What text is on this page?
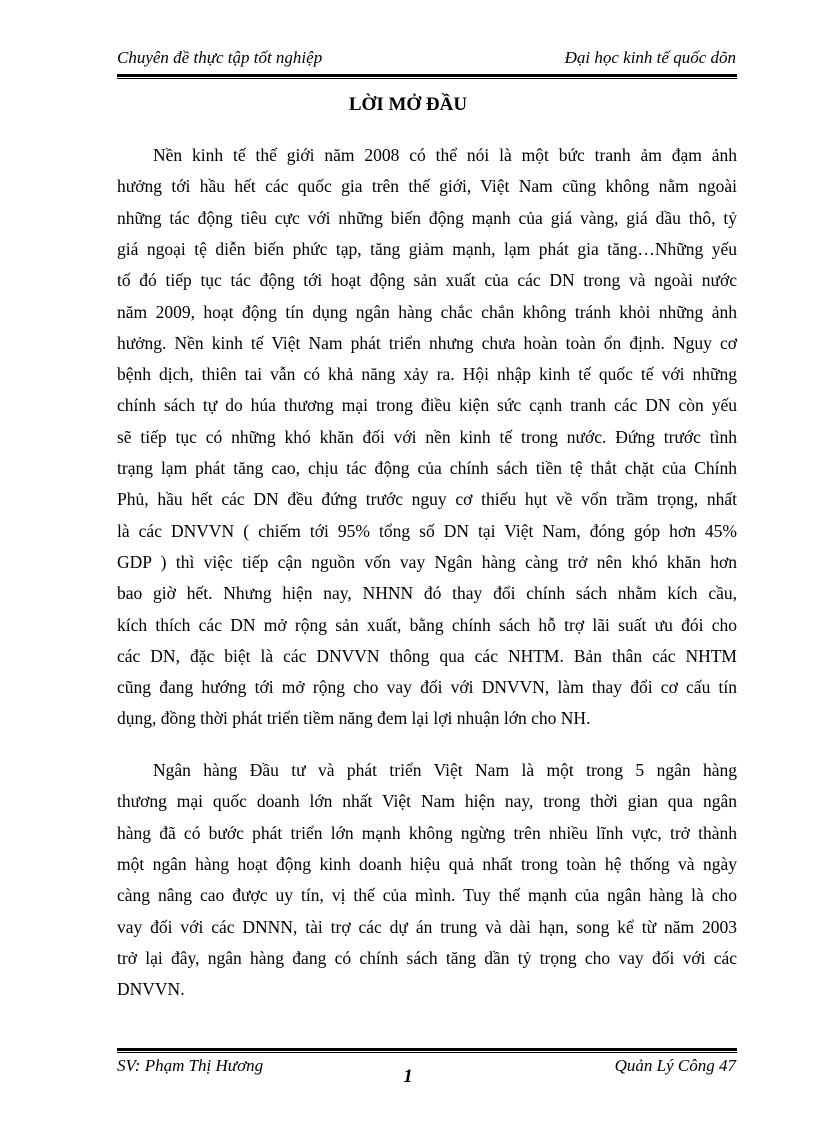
Chuyên đề thực tập tốt nghiệp	Đại học kinh tế quốc dõn
LỜI MỞ ĐẦU
Nền kinh tế thế giới năm 2008 có thể nói là một bức tranh ảm đạm ảnh
hưởng tới hầu hết các quốc gia trên thế giới, Việt Nam cũng không nằm ngoài
những tác động tiêu cực với những biến động mạnh của giá vàng, giá dầu thô, tỷ
giá ngoại tệ diễn biến phức tạp, tăng giảm mạnh, lạm phát gia tăng…Những yếu
tố đó tiếp tục tác động tới hoạt động sản xuất của các DN trong và ngoài nước
năm 2009, hoạt động tín dụng ngân hàng chắc chắn không tránh khỏi những ảnh
hưởng. Nền kinh tế Việt Nam phát triển nhưng chưa hoàn toàn ổn định. Nguy cơ
bệnh dịch, thiên tai vẫn có khả năng xảy ra. Hội nhập kinh tế quốc tế với những
chính sách tự do húa thương mại trong điều kiện sức cạnh tranh các DN còn yếu
sẽ tiếp tục có những khó khăn đối với nền kinh tế trong nước. Đứng trước tình
trạng lạm phát tăng cao, chịu tác động của chính sách tiền tệ thắt chặt của Chính
Phủ, hầu hết các DN đều đứng trước nguy cơ thiếu hụt về vốn trầm trọng, nhất
là các DNVVN ( chiếm tới 95% tổng số DN tại Việt Nam, đóng góp hơn 45%
GDP ) thì việc tiếp cận nguồn vốn vay Ngân hàng càng trở nên khó khăn hơn
bao giờ hết. Nhưng hiện nay, NHNN đó thay đổi chính sách nhằm kích cầu,
kích thích các DN mở rộng sản xuất, bằng chính sách hỗ trợ lãi suất ưu đói cho
các DN, đặc biệt là các DNVVN thông qua các NHTM. Bản thân các NHTM
cũng đang hướng tới mở rộng cho vay đối với DNVVN, làm thay đổi cơ cấu tín
dụng, đồng thời phát triển tiềm năng đem lại lợi nhuận lớn cho NH.
Ngân hàng Đầu tư và phát triển Việt Nam là một trong 5 ngân hàng
thương mại quốc doanh lớn nhất Việt Nam hiện nay, trong thời gian qua ngân
hàng đã có bước phát triển lớn mạnh không ngừng trên nhiều lĩnh vực, trở thành
một ngân hàng hoạt động kinh doanh hiệu quả nhất trong toàn hệ thống và ngày
càng nâng cao được uy tín, vị thế của mình. Tuy thế mạnh của ngân hàng là cho
vay đối với các DNNN, tài trợ các dự án trung và dài hạn, song kể từ năm 2003
trở lại đây, ngân hàng đang có chính sách tăng dần tỷ trọng cho vay đối với các
DNVVN.
SV: Phạm Thị Hương
1
Quản Lý Công 47
